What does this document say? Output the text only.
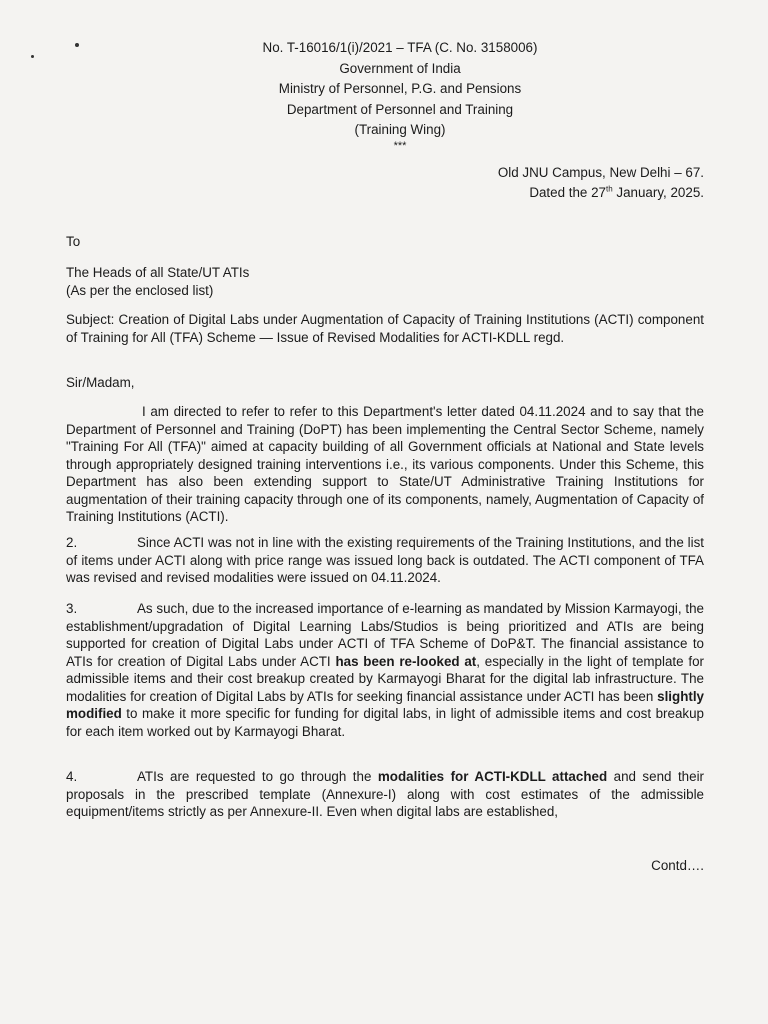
No. T-16016/1(i)/2021 – TFA (C. No. 3158006)
Government of India
Ministry of Personnel, P.G. and Pensions
Department of Personnel and Training
(Training Wing)
***
Old JNU Campus, New Delhi – 67.
Dated the 27th January, 2025.
To
The Heads of all State/UT ATIs
(As per the enclosed list)
Subject: Creation of Digital Labs under Augmentation of Capacity of Training Institutions (ACTI) component of Training for All (TFA) Scheme — Issue of Revised Modalities for ACTI-KDLL regd.
Sir/Madam,
I am directed to refer to refer to this Department's letter dated 04.11.2024 and to say that the Department of Personnel and Training (DoPT) has been implementing the Central Sector Scheme, namely "Training For All (TFA)" aimed at capacity building of all Government officials at National and State levels through appropriately designed training interventions i.e., its various components. Under this Scheme, this Department has also been extending support to State/UT Administrative Training Institutions for augmentation of their training capacity through one of its components, namely, Augmentation of Capacity of Training Institutions (ACTI).
2.	Since ACTI was not in line with the existing requirements of the Training Institutions, and the list of items under ACTI along with price range was issued long back is outdated. The ACTI component of TFA was revised and revised modalities were issued on 04.11.2024.
3.	As such, due to the increased importance of e-learning as mandated by Mission Karmayogi, the establishment/upgradation of Digital Learning Labs/Studios is being prioritized and ATIs are being supported for creation of Digital Labs under ACTI of TFA Scheme of DoP&T. The financial assistance to ATIs for creation of Digital Labs under ACTI has been re-looked at, especially in the light of template for admissible items and their cost breakup created by Karmayogi Bharat for the digital lab infrastructure. The modalities for creation of Digital Labs by ATIs for seeking financial assistance under ACTI has been slightly modified to make it more specific for funding for digital labs, in light of admissible items and cost breakup for each item worked out by Karmayogi Bharat.
4.	ATIs are requested to go through the modalities for ACTI-KDLL attached and send their proposals in the prescribed template (Annexure-I) along with cost estimates of the admissible equipment/items strictly as per Annexure-II. Even when digital labs are established,
Contd….
